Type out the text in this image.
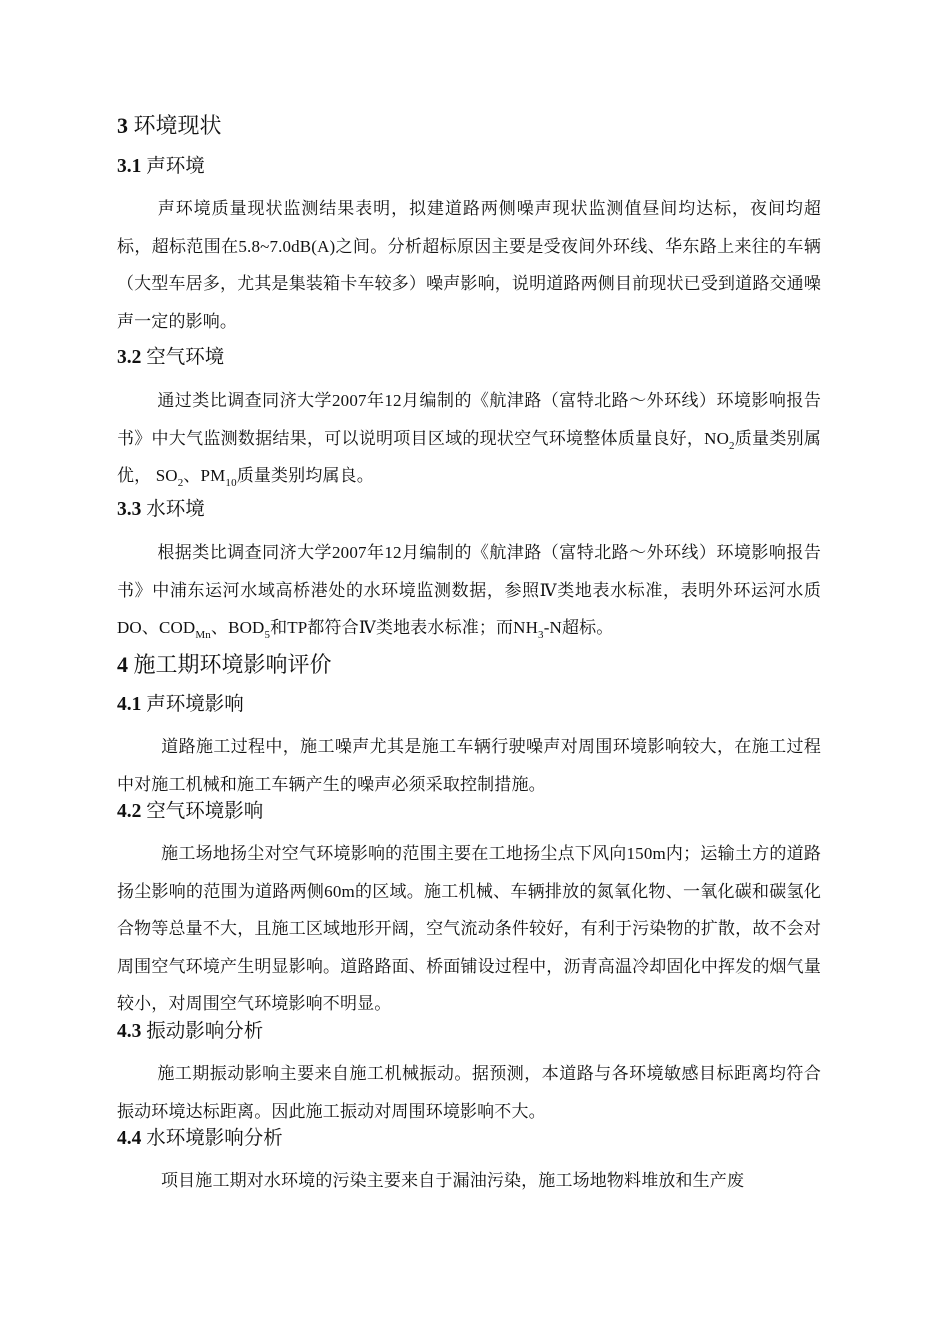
3 环境现状
3.1 声环境
声环境质量现状监测结果表明，拟建道路两侧噪声现状监测值昼间均达标，夜间均超标，超标范围在5.8~7.0dB(A)之间。分析超标原因主要是受夜间外环线、华东路上来往的车辆（大型车居多，尤其是集装箱卡车较多）噪声影响，说明道路两侧目前现状已受到道路交通噪声一定的影响。
3.2 空气环境
通过类比调查同济大学2007年12月编制的《航津路（富特北路～外环线）环境影响报告书》中大气监测数据结果，可以说明项目区域的现状空气环境整体质量良好，$NO_2$质量类别属优， $SO_2$、$PM_{10}$质量类别均属良。
3.3 水环境
根据类比调查同济大学2007年12月编制的《航津路（富特北路～外环线）环境影响报告书》中浦东运河水域高桥港处的水环境监测数据，参照Ⅳ类地表水标准，表明外环运河水质DO、$COD_{Mn}$、$BOD_5$和TP都符合Ⅳ类地表水标准；而$NH_3-N$超标。
4 施工期环境影响评价
4.1 声环境影响
道路施工过程中，施工噪声尤其是施工车辆行驶噪声对周围环境影响较大，在施工过程中对施工机械和施工车辆产生的噪声必须采取控制措施。
4.2 空气环境影响
施工场地扬尘对空气环境影响的范围主要在工地扬尘点下风向150m内；运输土方的道路扬尘影响的范围为道路两侧60m的区域。施工机械、车辆排放的氮氧化物、一氧化碳和碳氢化合物等总量不大，且施工区域地形开阔，空气流动条件较好，有利于污染物的扩散，故不会对周围空气环境产生明显影响。道路路面、桥面铺设过程中，沥青高温冷却固化中挥发的烟气量较小，对周围空气环境影响不明显。
4.3 振动影响分析
施工期振动影响主要来自施工机械振动。据预测，本道路与各环境敏感目标距离均符合振动环境达标距离。因此施工振动对周围环境影响不大。
4.4 水环境影响分析
项目施工期对水环境的污染主要来自于漏油污染，施工场地物料堆放和生产废
